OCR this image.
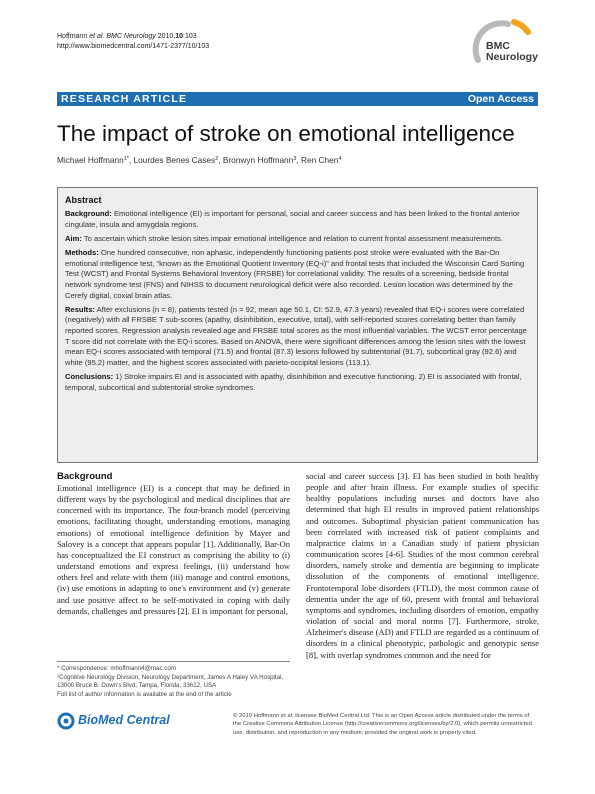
Hoffmann et al. BMC Neurology 2010,10:103
http://www.biomedcentral.com/1471-2377/10/103	BMC
Neurology
RESEARCH ARTICLE	Open Access
The impact of stroke on emotional intelligence
Michael Hoffmann$^{1*}$, Lourdes Benes Cases$^2$, Bronwyn Hoffmann$^3$, Ren Chen$^4$
Abstract

Background: Emotional intelligence (EI) is important for personal, social and career success and has been linked to the frontal anterior cingulate, insula and amygdala regions.

Aim: To ascertain which stroke lesion sites impair emotional intelligence and relation to current frontal assessment measurements.

Methods: One hundred consecutive, non aphasic, independently functioning patients post stroke were evaluated with the Bar-On emotional intelligence test, “known as the Emotional Quotient Inventory (EQ-i)” and frontal tests that included the Wisconsin Card Sorting Test (WCST) and Frontal Systems Behavioral Inventory (FRSBE) for correlational validity. The results of a screening, bedside frontal network syndrome test (FNS) and NIHSS to document neurological deficit were also recorded. Lesion location was determined by the Cerefy digital, coxial brain atlas.

Results: After exclusions (n = 8), patients tested (n = 92, mean age 50.1, CI: 52.9, 47.3 years) revealed that EQ-i scores were correlated (negatively) with all FRSBE T sub-scores (apathy, disinhibition, executive, total), with self-reported scores correlating better than family reported scores. Regression analysis revealed age and FRSBE total scores as the most influential variables. The WCST error percentage T score did not correlate with the EQ-i scores. Based on ANOVA, there were significant differences among the lesion sites with the lowest mean EQ-i scores associated with temporal (71.5) and frontal (87.3) lesions followed by subtentorial (91.7), subcortical gray (92.6) and white (95.2) matter, and the highest scores associated with parieto-occipital lesions (113.1).

Conclusions: 1) Stroke impairs EI and is associated with apathy, disinhibition and executive functioning. 2) EI is associated with frontal, temporal, subcortical and subtentorial stroke syndromes.

Background

Emotional intelligence (EI) is a concept that may be defined in different ways by the psychological and medical disciplines that are concerned with its importance. The four-branch model (perceiving emotions, facilitating thought, understanding emotions, managing emotions) of emotional intelligence definition by Mayer and Salovey is a concept that appears popular [1]. Additionally, Bar-On has conceptualized the EI construct as comprising the ability to (i) understand emotions and express feelings, (ii) understand how others feel and relate with them (iii) manage and control emotions, (iv) use emotions in adapting to one's environment and (v) generate and use positive affect to be self-motivated in coping with daily demands, challenges and pressures [2]. EI is important for personal,

social and career success [3]. EI has been studied in both healthy people and after brain illness. For example studies of specific healthy populations including nurses and doctors have also determined that high EI results in improved patient relationships and outcomes. Suboptimal physician patient communication has been correlated with increased risk of patient complaints and malpractice claims in a Canadian study of patient physician communication scores [4-6]. Studies of the most common cerebral disorders, namely stroke and dementia are beginning to implicate dissolution of the components of emotional intelligence. Frontotemporal lobe disorders (FTLD), the most common cause of dementia under the age of 60, present with frontal and behavioral symptoms and syndromes, including disorders of emotion, empathy violation of social and moral norms [7]. Furthermore, stroke, Alzheimer's disease (AD) and FTLD are regarded as a continuum of disorders in a clinical phenotypic, pathologic and genotypic sense [8], with overlap syndromes common and the need for

* Correspondence: mhoffmann4@mac.com
¹Cognitive Neurology Division, Neurology Department, James A Haley VA Hospital, 13000 Bruce B. Down's Blvd, Tampa, Florida, 33612, USA
Full list of author information is available at the end of the article
BioMed Central	© 2010 Hoffmann et al; licensee BioMed Central Ltd. This is an Open Access article distributed under the terms of the Creative Commons Attribution License (http://creativecommons.org/licenses/by/2.0), which permits unrestricted use, distribution, and reproduction in any medium, provided the original work is properly cited.
